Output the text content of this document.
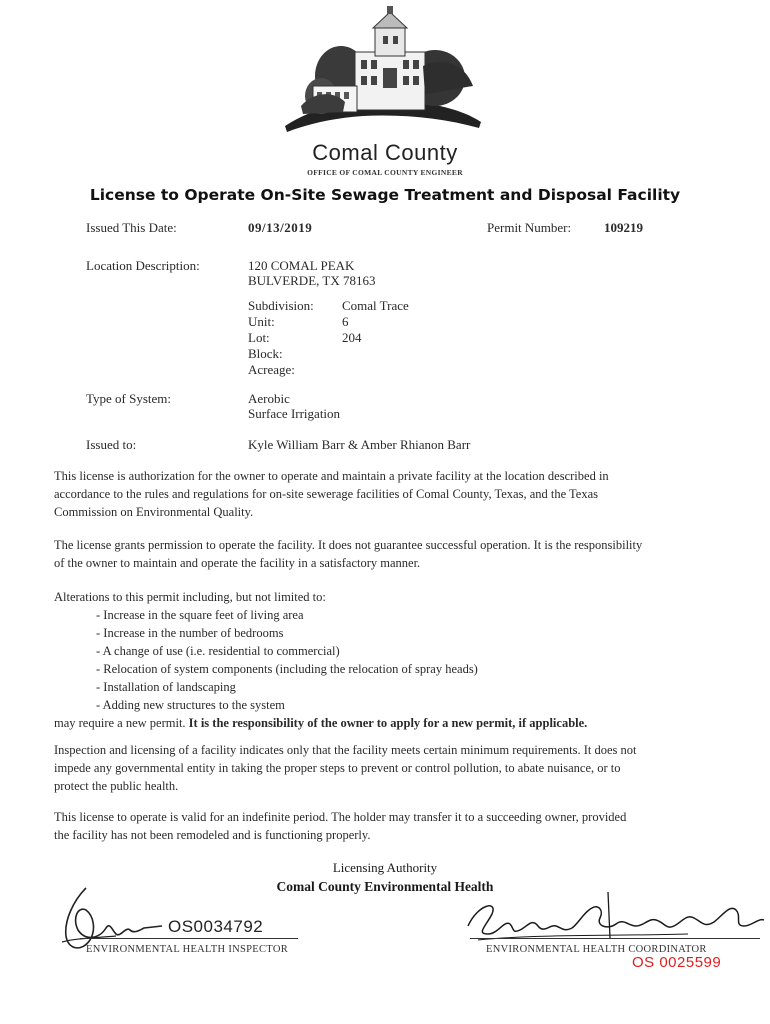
Comal County
OFFICE OF COMAL COUNTY ENGINEER
License to Operate On-Site Sewage Treatment and Disposal Facility
Issued This Date:	09/13/2019	Permit Number:	109219
Location Description:	120 COMAL PEAK
BULVERDE, TX 78163
Subdivision: Comal Trace
Unit:	6
Lot:	204
Block:
Acreage:
Type of System:	Aerobic
Surface Irrigation
Issued to:	Kyle William Barr & Amber Rhianon Barr
This license is authorization for the owner to operate and maintain a private facility at the location described in accordance to the rules and regulations for on-site sewerage facilities of Comal County, Texas, and the Texas Commission on Environmental Quality.
The license grants permission to operate the facility. It does not guarantee successful operation. It is the responsibility of the owner to maintain and operate the facility in a satisfactory manner.
Alterations to this permit including, but not limited to:
- Increase in the square feet of living area
- Increase in the number of bedrooms
- A change of use (i.e. residential to commercial)
- Relocation of system components (including the relocation of spray heads)
- Installation of landscaping
- Adding new structures to the system
may require a new permit. It is the responsibility of the owner to apply for a new permit, if applicable.
Inspection and licensing of a facility indicates only that the facility meets certain minimum requirements. It does not impede any governmental entity in taking the proper steps to prevent or control pollution, to abate nuisance, or to protect the public health.
This license to operate is valid for an indefinite period. The holder may transfer it to a succeeding owner, provided the facility has not been remodeled and is functioning properly.
Licensing Authority
Comal County Environmental Health
OS0034792
ENVIRONMENTAL HEALTH INSPECTOR	ENVIRONMENTAL HEALTH COORDINATOR
OS 0025599
